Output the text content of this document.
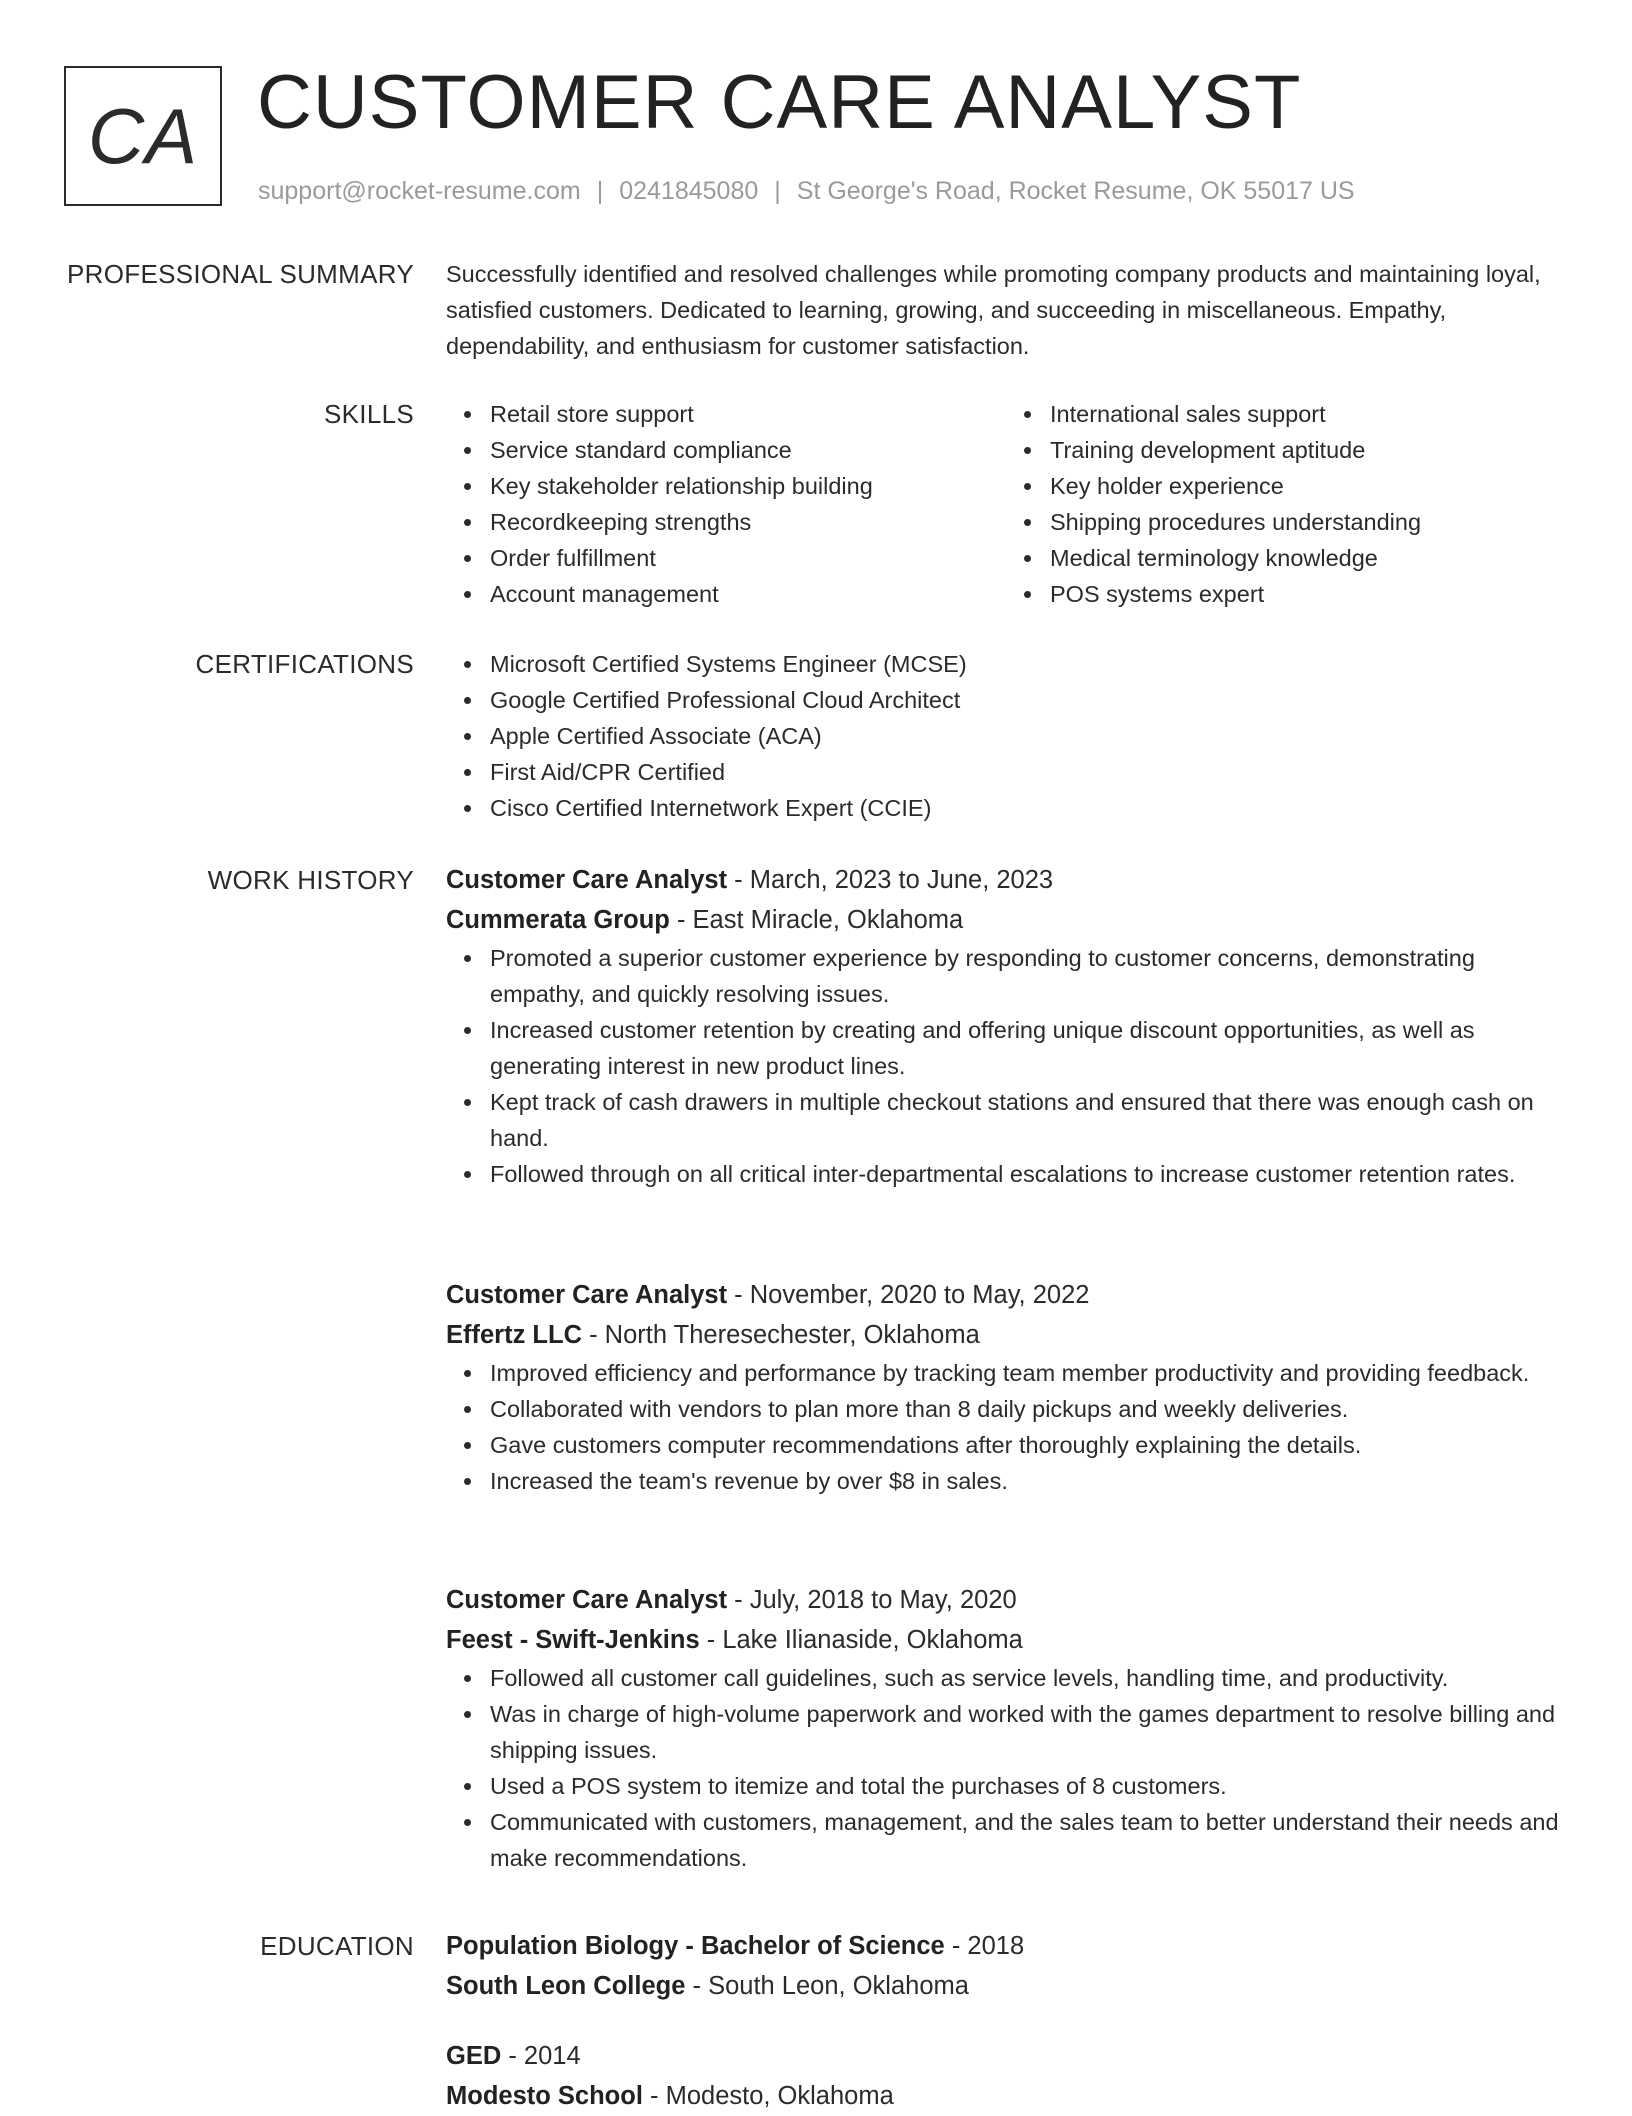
CA CUSTOMER CARE ANALYST
support@rocket-resume.com | 0241845080 | St George's Road, Rocket Resume, OK 55017 US
PROFESSIONAL SUMMARY Successfully identified and resolved challenges while promoting company products and maintaining loyal, satisfied customers. Dedicated to learning, growing, and succeeding in miscellaneous. Empathy, dependability, and enthusiasm for customer satisfaction.

SKILLS	Retail store support
Service standard compliance
Key stakeholder relationship building
Recordkeeping strengths
Order fulfillment
Account management
International sales support
Training development aptitude
Key holder experience
Shipping procedures understanding
Medical terminology knowledge
POS systems expert
CERTIFICATIONS	Microsoft Certified Systems Engineer (MCSE)
Google Certified Professional Cloud Architect
Apple Certified Associate (ACA)
First Aid/CPR Certified
Cisco Certified Internetwork Expert (CCIE)
WORK HISTORY Customer Care Analyst - March, 2023 to June, 2023
Cummerata Group - East Miracle, Oklahoma
Promoted a superior customer experience by responding to customer concerns, demonstrating empathy, and quickly resolving issues.
Increased customer retention by creating and offering unique discount opportunities, as well as generating interest in new product lines.
Kept track of cash drawers in multiple checkout stations and ensured that there was enough cash on hand.
Followed through on all critical inter-departmental escalations to increase customer retention rates.
Customer Care Analyst - November, 2020 to May, 2022
Effertz LLC - North Theresechester, Oklahoma
Improved efficiency and performance by tracking team member productivity and providing feedback.
Collaborated with vendors to plan more than 8 daily pickups and weekly deliveries.
Gave customers computer recommendations after thoroughly explaining the details.
Increased the team's revenue by over $8 in sales.
Customer Care Analyst - July, 2018 to May, 2020
Feest - Swift-Jenkins - Lake Ilianaside, Oklahoma
Followed all customer call guidelines, such as service levels, handling time, and productivity.
Was in charge of high-volume paperwork and worked with the games department to resolve billing and shipping issues.
Used a POS system to itemize and total the purchases of 8 customers.
Communicated with customers, management, and the sales team to better understand their needs and make recommendations.
EDUCATION Population Biology - Bachelor of Science - 2018
South Leon College - South Leon, Oklahoma
GED - 2014
Modesto School - Modesto, Oklahoma
